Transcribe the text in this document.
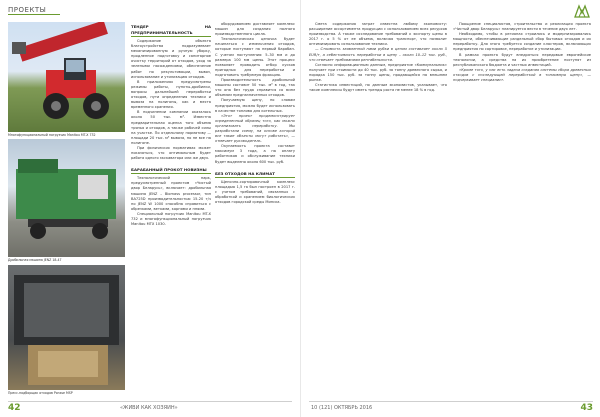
ПРОЕКТЫ
Многофункциональный погрузчик Manitou MT-X 732
Дробильная машина JENZ 18-47
Пресс-подборщик отходов Ponsse MSP
ТЕНДЕР НА ПРЕДПРИНИМАТЕЛЬНОСТЬ

Содержание объекта благоустройства подразумевает механизированную и ручную уборку, продленное подготовку и санитарное очистку территорий от отходов, уход за зелеными насаждениями, обеспечение работ по рекультивации, вывоз, использование и утилизацию отходов.

В приложениях предусмотрены режимы работы, пункты-дробилки, вопросы дальнейшей переработки отходов, пути определения техники и вывоза на полигоны, как и места временного хранения.

В подчинении компании оказалось около 50 тыс. м³. Известна предварительная оценка того объема тряпья и отходов, а также рабочей силы на участке. По отдельному нормативу — площади 20 тыс. м³ вывоза, но не все на полигоне.

При физических нормативах может показаться, что оптимальным будет работа одного экскаватора или же двух.

БАРАБАННЫЙ ПРОКОТ НОВИЗНЫ

Технологический парк, предусмотренный проектом «Чистый двор Беларусь», включает: дробильная машина JENZ – Biomass processor, тип BA725D производительностью 15-20 т/ч по JENZ W 1000 способна справиться с обрезками, ветками, корнями и пнями.

Специальный погрузчик Manitou MT-X 732 и многофункциональный погрузчик Manitou MTX 1030.

оборудованием доставляет комплекс машин для создания полного производственного цикла.

Технологическая цепочка будет начинаться с измельчения отходов, которые поступают на первый барабан. С учетом поступления: 5–30 мм и до размера 100 мм щепы. Этот процесс позволяет проводить отбор кусков пригодных для переработки и подготовить требуемую фракцию.

Производительность дробильной машины составит 50 тыс. м³ в год, так что она без труда справится со всем объемом предназначенных отходов.

Получаемую щепу, по словам предприятия, можно будет использовать в качестве топлива для котельных.

«Этот проект продемонстрирует определенный образец того, как можно организовать переработку. Мы разработали схему, на основе которой все такие объекты могут работать», — отмечает руководитель.

Окупаемость проекта составит максимум 3 года, а на оплату работников и обслуживание техники будет выделено около 600 тыс. руб.

БЕЗ ОТХОДОВ НА КЛИМАТ

Щепочно-сортировочный комплекс площадью 1,5 га был построен в 2017 г. с учетом требований, связанных с обработкой и хранением биологических отходов городской среды Минска.

42	«ЖИВИ КАК ХОЗЯИН»

Смета содержания затрат известна любому экономисту: расширение ассортимента продукции с использованием всех ресурсов производства. А также исследование требований к экспорту щепы в 2017 г. о 5 % от ее объема, включая транспорт, что позволит оптимизировать использование техники.

— Стоимость заявленной нами рубки в целом составляет около 5 EUR/т, а себестоимость переработки в щепу – около 10–12 тыс. руб., что отвечает требованиям рентабельности.

Согласно информационным данным, предприятие «Коммунальник» получает при стоимости до 40 тыс. руб. за тонну древесного сырья, и порядка 150 тыс. руб. за тонну щепы, продающейся на внешнем рынке.

Статистика инвестиций, по данным экономистов, указывает, что такие комплексы будут иметь тренды роста не менее 18 % в год.

Поощрение специалистов, строительство и реализация проекта «Чистый двор Беларусь» планируется вести в течение двух лет.

Необходимо, чтобы в регионах строились и модернизировались мощности, обеспечивающие раздельный сбор бытовых отходов и их переработку. Для этого требуется создание кластеров, включающих предприятия по сортировке, переработке и утилизации.

В рамках проекта будут внедряться передовые европейские технологии, а средства на их приобретение поступят из республиканского бюджета и частных инвестиций.

«Кроме того, у нас есть задача создания системы сбора древесных отходов с последующей переработкой в топливную щепу», — подчеркивает специалист.

10 (121) ОКТЯБРЬ 2016	43
